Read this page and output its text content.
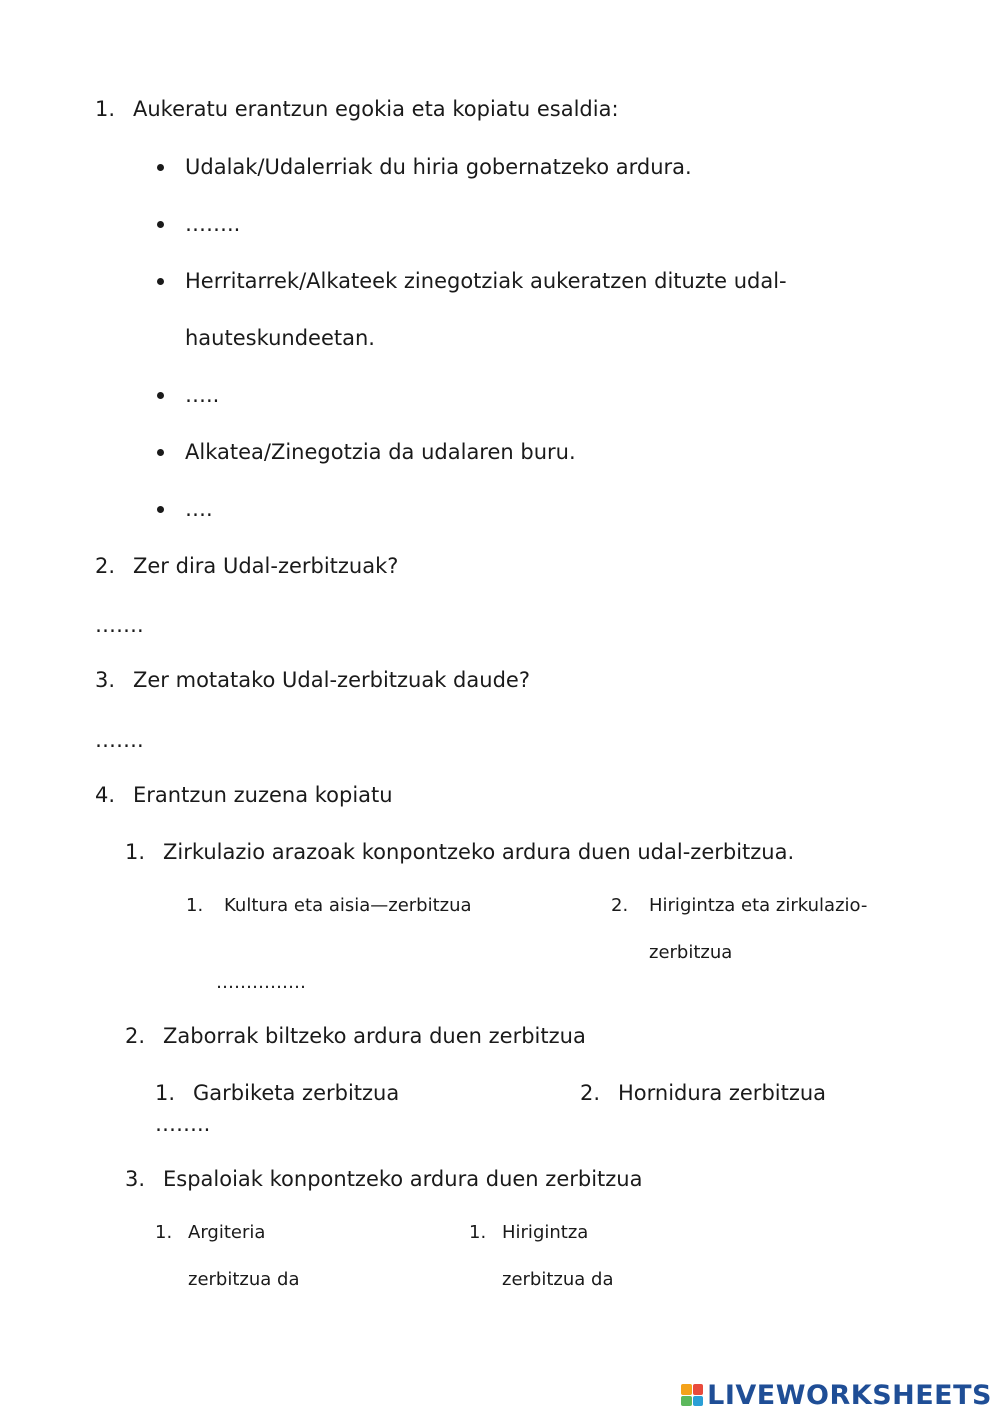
1. Aukeratu erantzun egokia eta kopiatu esaldia:
Udalak/Udalerriak du hiria gobernatzeko ardura.
……..
Herritarrek/Alkateek zinegotziak aukeratzen dituzte udal-
hauteskundeetan.
…..
Alkatea/Zinegotzia da udalaren buru.
….
2. Zer dira Udal-zerbitzuak?
…….
3. Zer motatako Udal-zerbitzuak daude?
…….
4. Erantzun zuzena kopiatu
1. Zirkulazio arazoak konpontzeko ardura duen udal-zerbitzua.
1. Kultura eta aisia—zerbitzua	2. Hirigintza eta zirkulazio-
zerbitzua
……………
2. Zaborrak biltzeko ardura duen zerbitzua
1. Garbiketa zerbitzua	2. Hornidura zerbitzua
……..
3. Espaloiak konpontzeko ardura duen zerbitzua
1. Argiteria
zerbitzua da
1. Hirigintza
zerbitzua da
LIVEWORKSHEETS
